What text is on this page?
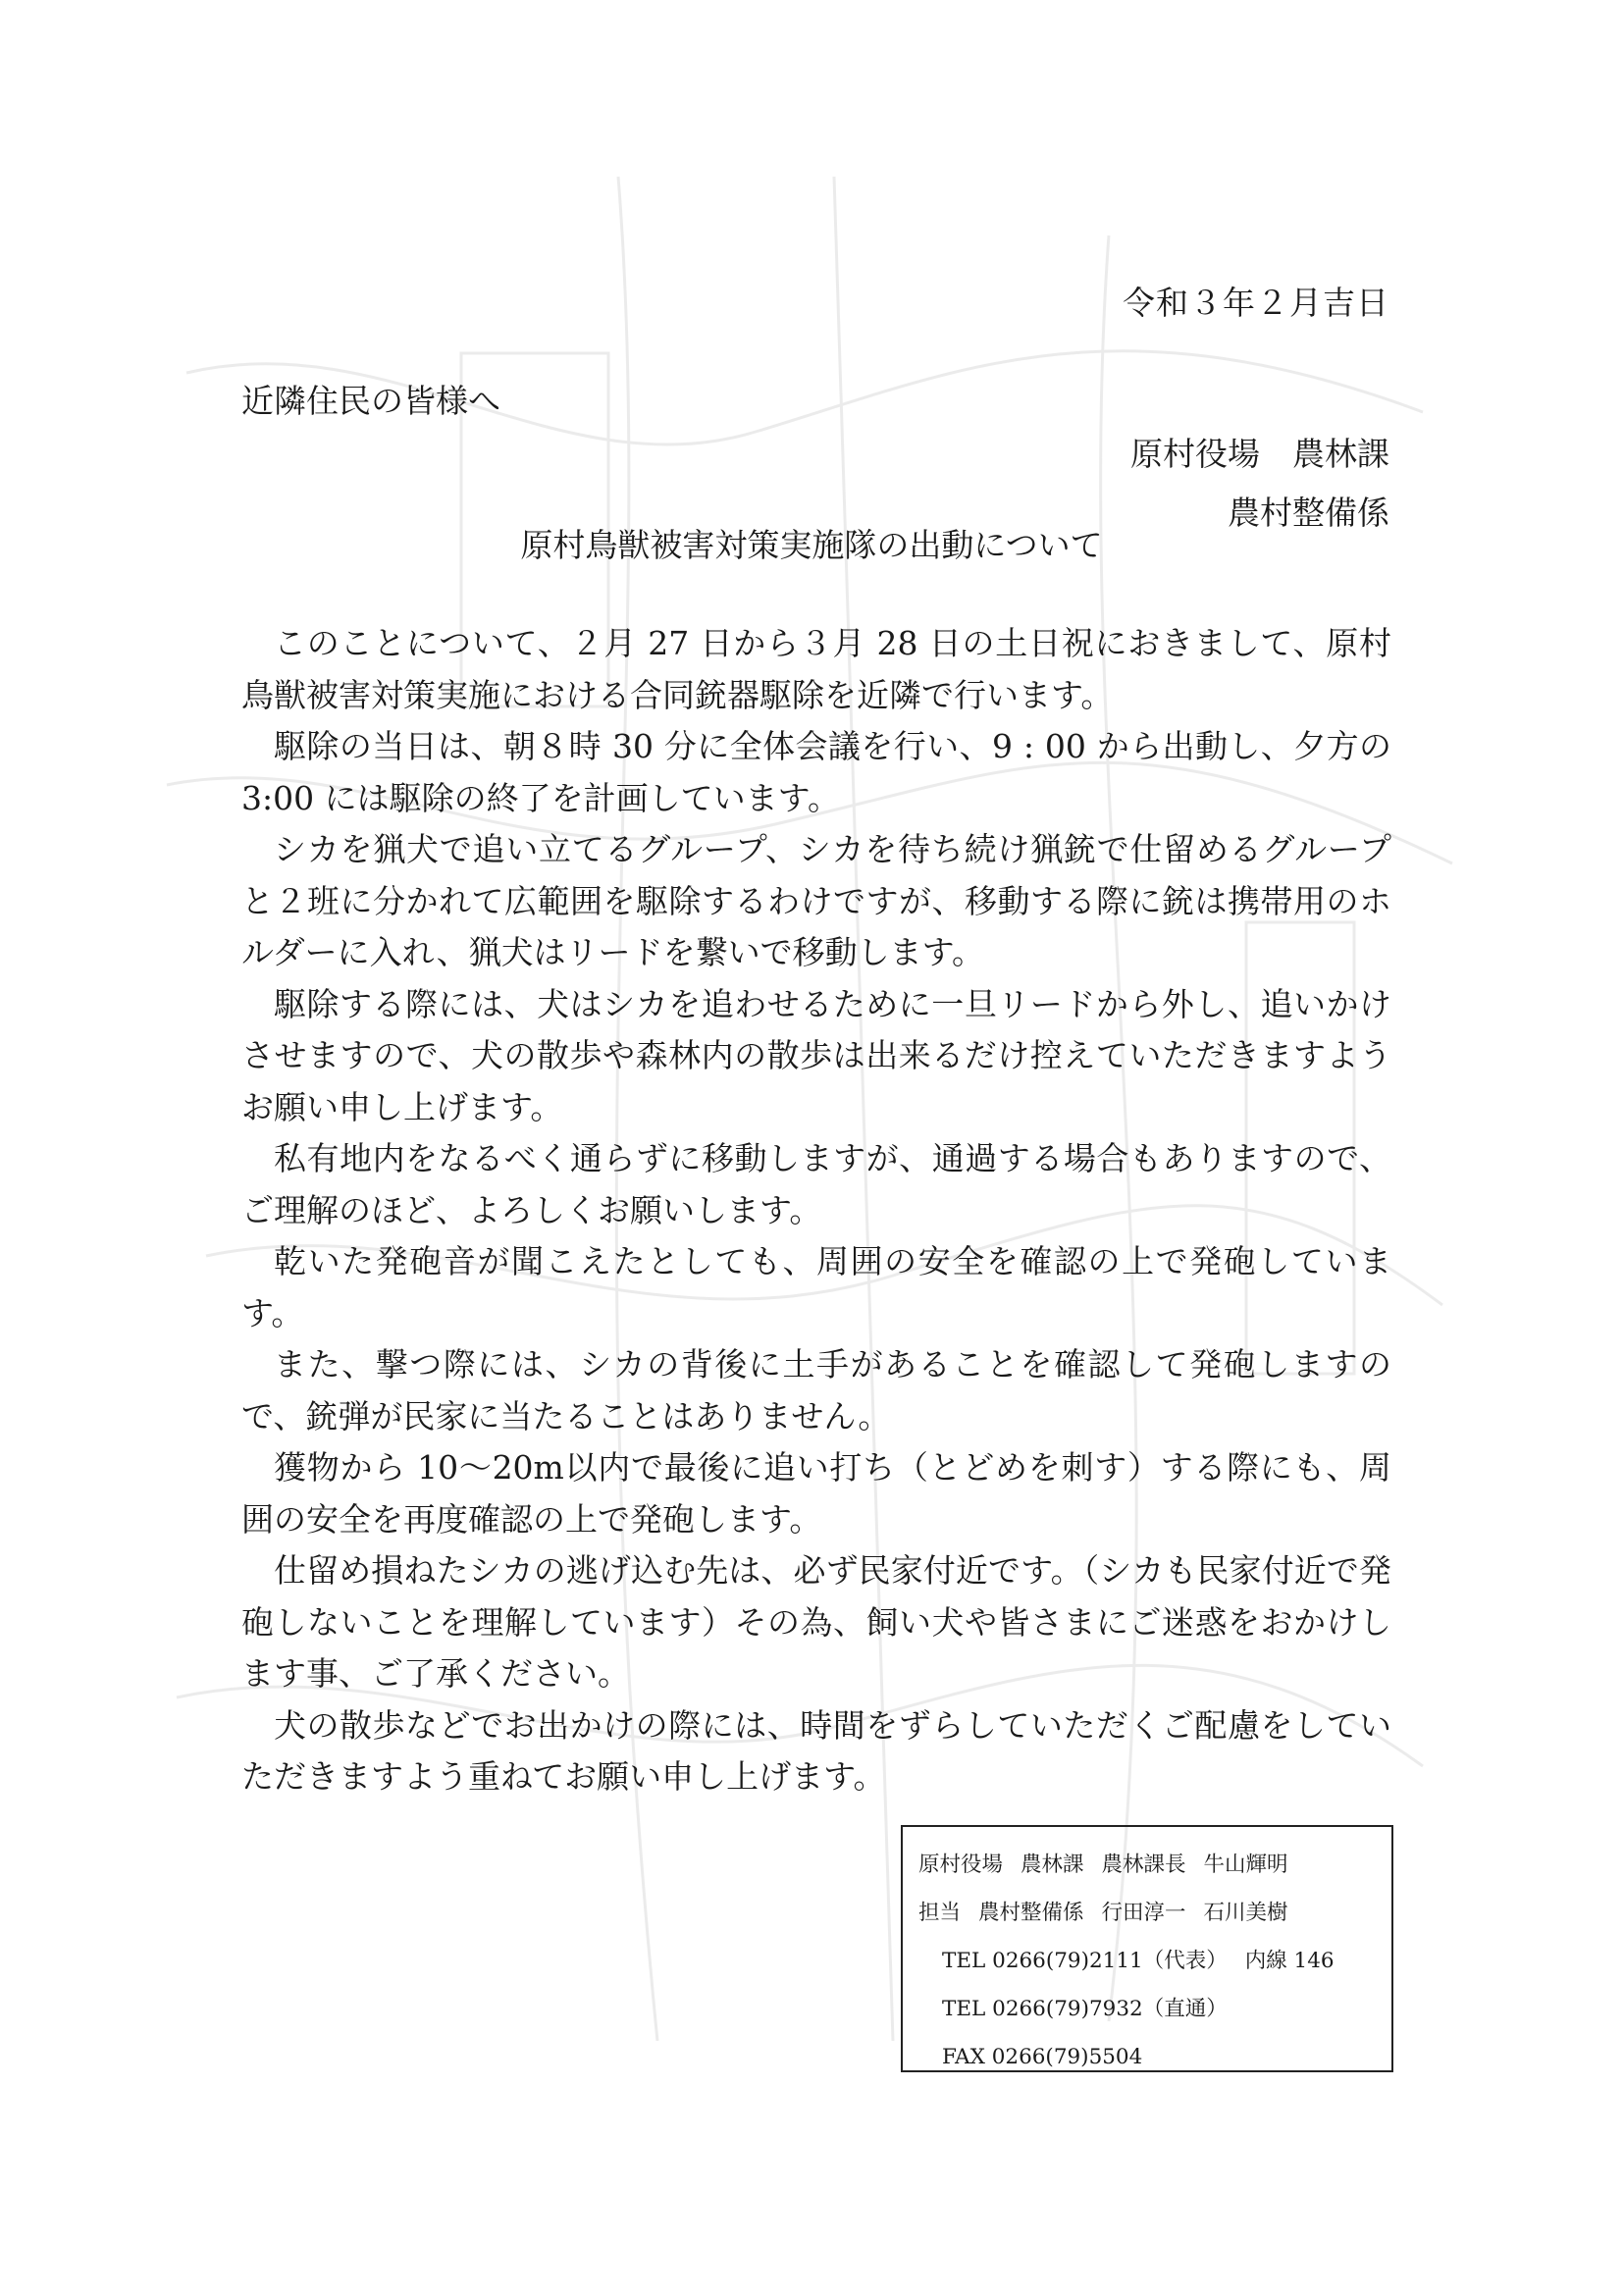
令和３年２月吉日
近隣住民の皆様へ
原村役場　農林課
農村整備係
原村鳥獣被害対策実施隊の出動について

このことについて、２月 27 日から３月 28 日の土日祝におきまして、原村鳥獣被害対策実施における合同銃器駆除を近隣で行います。

駆除の当日は、朝８時 30 分に全体会議を行い、9 : 00 から出動し、夕方の 3:00 には駆除の終了を計画しています。

シカを猟犬で追い立てるグループ、シカを待ち続け猟銃で仕留めるグループと２班に分かれて広範囲を駆除するわけですが、移動する際に銃は携帯用のホルダーに入れ、猟犬はリードを繋いで移動します。

駆除する際には、犬はシカを追わせるために一旦リードから外し、追いかけさせますので、犬の散歩や森林内の散歩は出来るだけ控えていただきますようお願い申し上げます。

私有地内をなるべく通らずに移動しますが、通過する場合もありますので、ご理解のほど、よろしくお願いします。

乾いた発砲音が聞こえたとしても、周囲の安全を確認の上で発砲しています。

また、撃つ際には、シカの背後に土手があることを確認して発砲しますので、銃弾が民家に当たることはありません。

獲物から 10～20m以内で最後に追い打ち（とどめを刺す）する際にも、周囲の安全を再度確認の上で発砲します。

仕留め損ねたシカの逃げ込む先は、必ず民家付近です。（シカも民家付近で発砲しないことを理解しています）その為、飼い犬や皆さまにご迷惑をおかけします事、ご了承ください。

犬の散歩などでお出かけの際には、時間をずらしていただくご配慮をしていただきますよう重ねてお願い申し上げます。

原村役場 農林課 農林課長 牛山輝明
担当 農村整備係 行田淳一 石川美樹
TEL 0266(79)2111（代表） 内線 146
TEL 0266(79)7932（直通）
FAX 0266(79)5504
